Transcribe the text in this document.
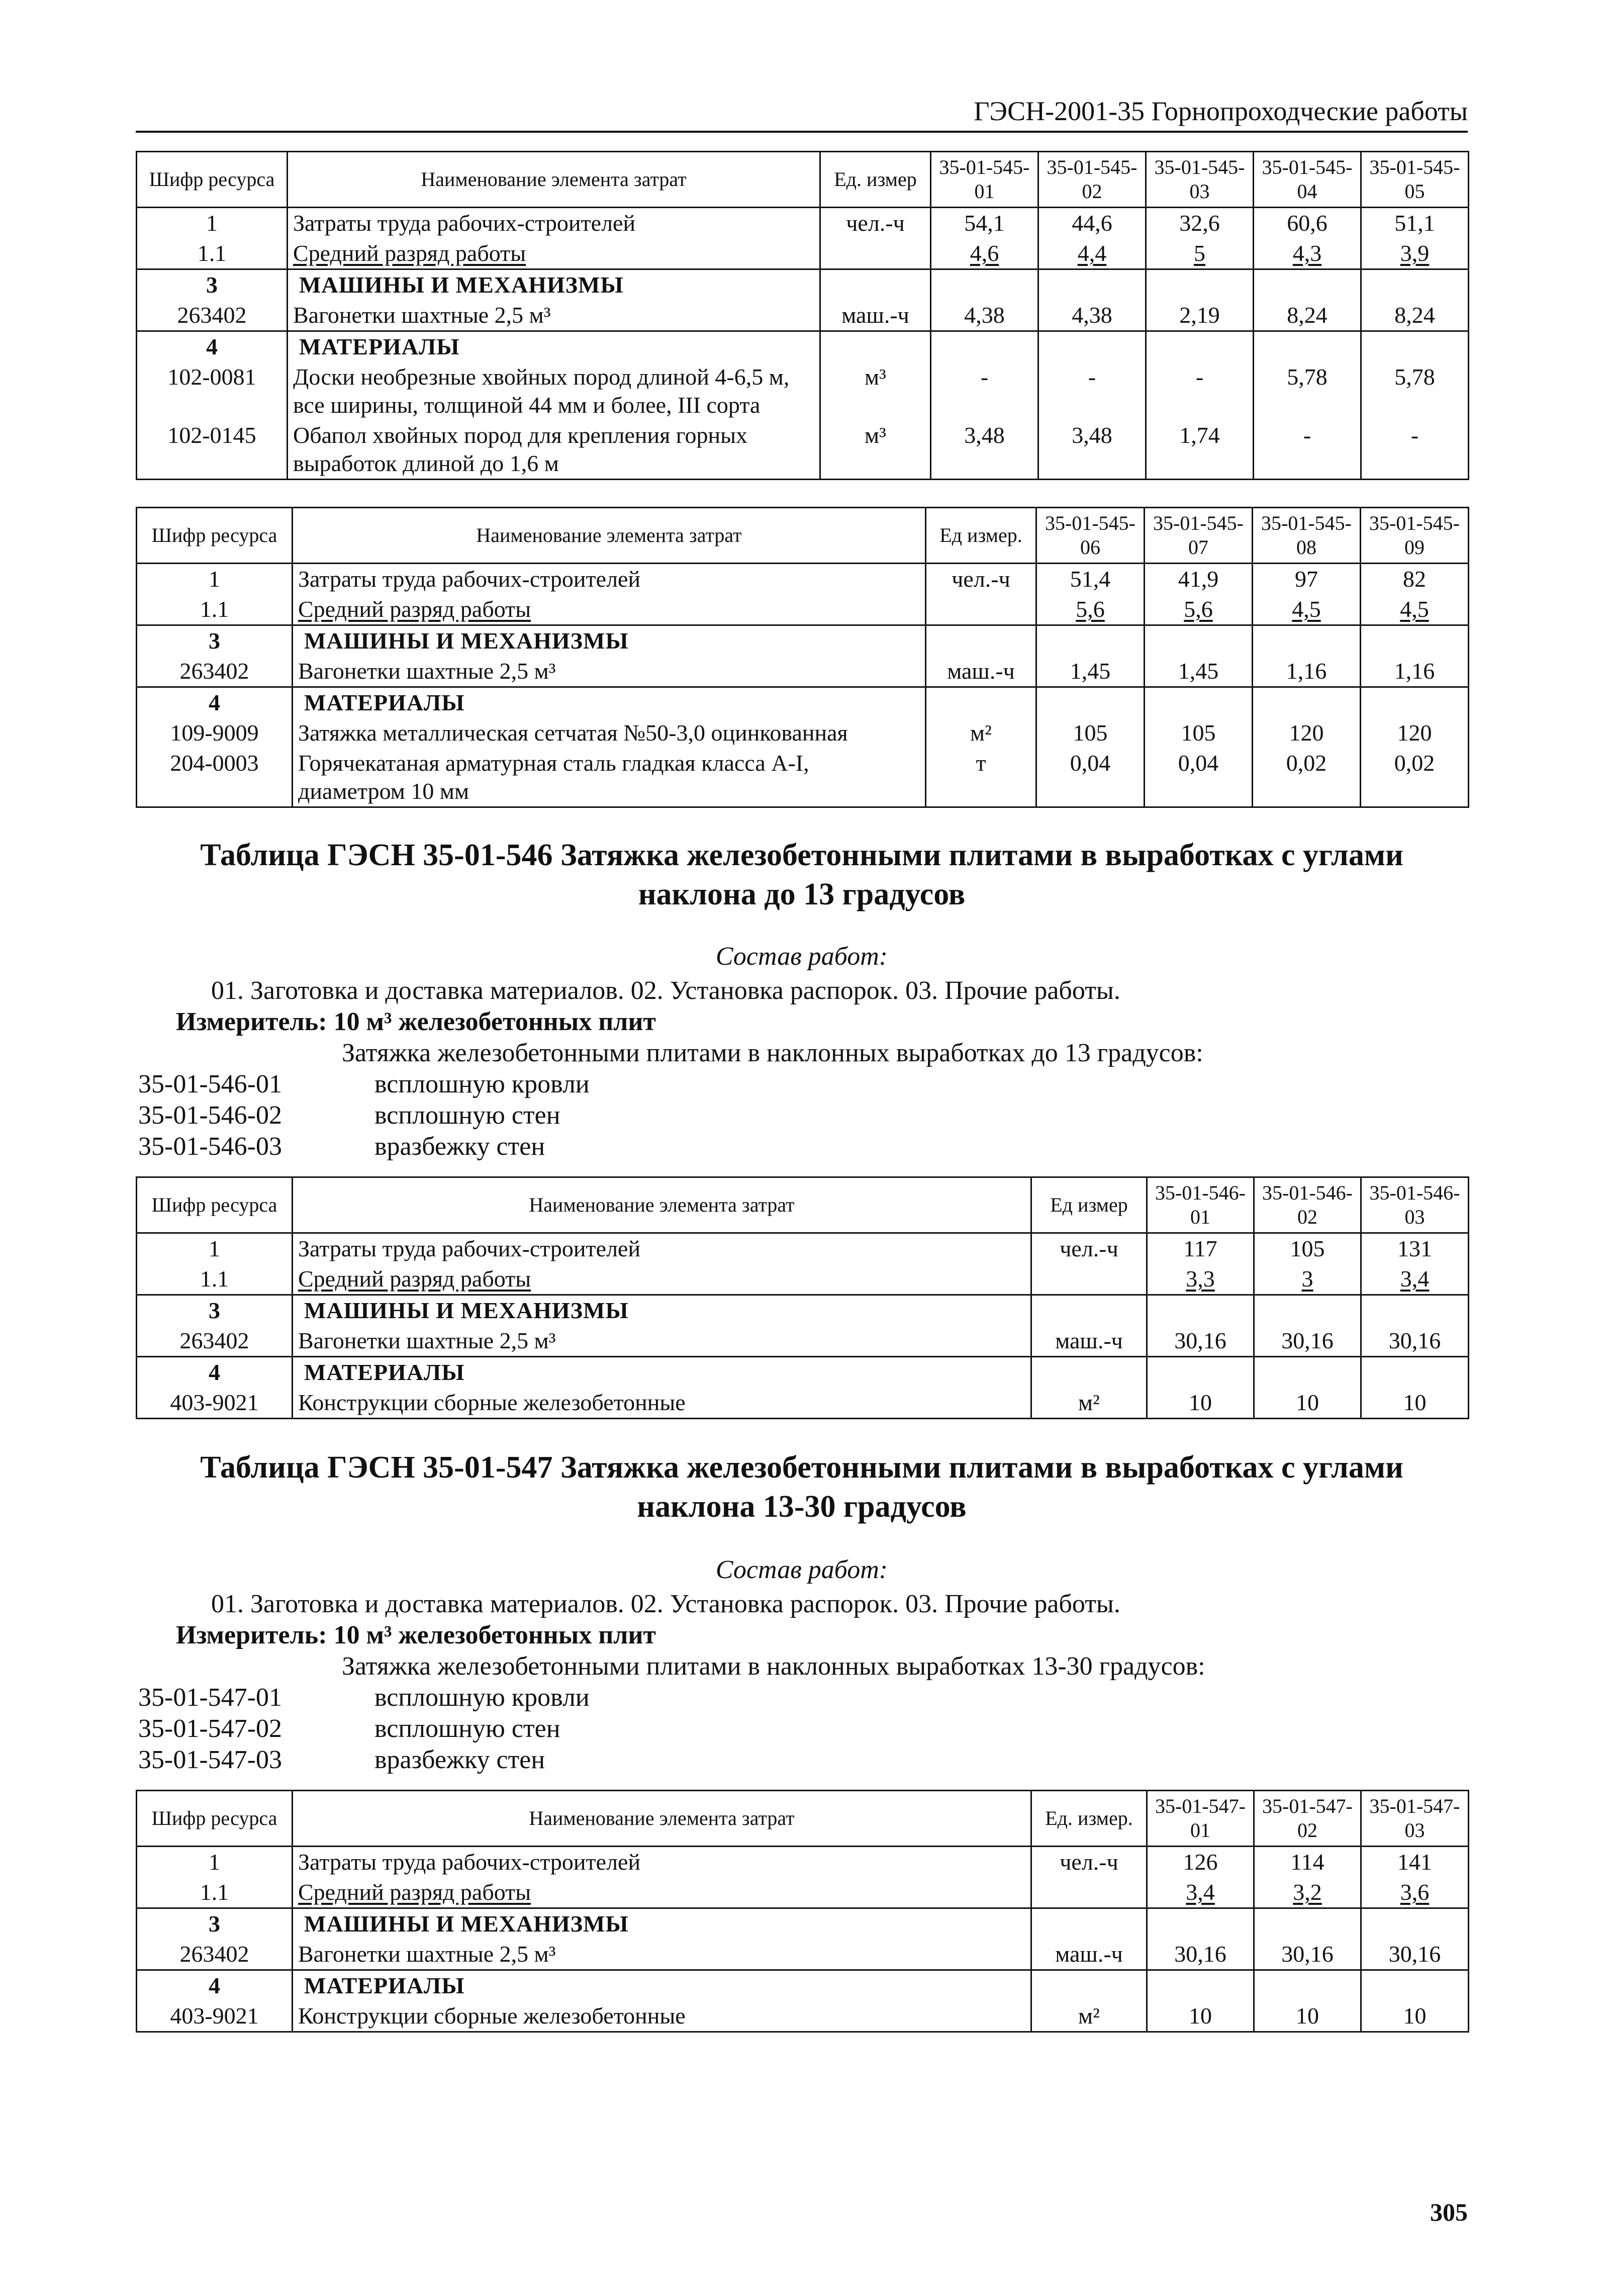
ГЭСН-2001-35 Горнопроходческие работы
Шифр ресурса	Наименование элемента затрат	Ед. измер	35-01-545-01	35-01-545-02	35-01-545-03	35-01-545-04	35-01-545-05
1	Затраты труда рабочих-строителей	чел.-ч	54,1	44,6	32,6	60,6	51,1
1.1	Средний разряд работы		4,6	4,4	5	4,3	3,9
3	МАШИНЫ И МЕХАНИЗМЫ						
263402	Вагонетки шахтные 2,5 м³	маш.-ч	4,38	4,38	2,19	8,24	8,24
4	МАТЕРИАЛЫ						
102-0081	Доски необрезные хвойных пород длиной 4-6,5 м, все ширины, толщиной 44 мм и более, III сорта	м³	-	-	-	5,78	5,78
102-0145	Обапол хвойных пород для крепления горных выработок длиной до 1,6 м	м³	3,48	3,48	1,74	-	-
Шифр ресурса	Наименование элемента затрат	Ед измер.	35-01-545-06	35-01-545-07	35-01-545-08	35-01-545-09
1	Затраты труда рабочих-строителей	чел.-ч	51,4	41,9	97	82
1.1	Средний разряд работы		5,6	5,6	4,5	4,5
3	МАШИНЫ И МЕХАНИЗМЫ					
263402	Вагонетки шахтные 2,5 м³	маш.-ч	1,45	1,45	1,16	1,16
4	МАТЕРИАЛЫ					
109-9009	Затяжка металлическая сетчатая №50-3,0 оцинкованная	м²	105	105	120	120
204-0003	Горячекатаная арматурная сталь гладкая класса А-I, диаметром 10 мм	т	0,04	0,04	0,02	0,02
Таблица ГЭСН 35-01-546 Затяжка железобетонными плитами в выработках с углами
наклона до 13 градусов
Состав работ:
01. Заготовка и доставка материалов. 02. Установка распорок. 03. Прочие работы.
Измеритель: 10 м³ железобетонных плит
Затяжка железобетонными плитами в наклонных выработках до 13 градусов:
35-01-546-01	всплошную кровли
35-01-546-02	всплошную стен
35-01-546-03	вразбежку стен
Шифр ресурса	Наименование элемента затрат	Ед измер	35-01-546-01	35-01-546-02	35-01-546-03
1	Затраты труда рабочих-строителей	чел.-ч	117	105	131
1.1	Средний разряд работы		3,3	3	3,4
3	МАШИНЫ И МЕХАНИЗМЫ				
263402	Вагонетки шахтные 2,5 м³	маш.-ч	30,16	30,16	30,16
4	МАТЕРИАЛЫ				
403-9021	Конструкции сборные железобетонные	м²	10	10	10
Таблица ГЭСН 35-01-547 Затяжка железобетонными плитами в выработках с углами
наклона 13-30 градусов
Состав работ:
01. Заготовка и доставка материалов. 02. Установка распорок. 03. Прочие работы.
Измеритель: 10 м³ железобетонных плит
Затяжка железобетонными плитами в наклонных выработках 13-30 градусов:
35-01-547-01	всплошную кровли
35-01-547-02	всплошную стен
35-01-547-03	вразбежку стен
Шифр ресурса	Наименование элемента затрат	Ед. измер.	35-01-547-01	35-01-547-02	35-01-547-03
1	Затраты труда рабочих-строителей	чел.-ч	126	114	141
1.1	Средний разряд работы		3,4	3,2	3,6
3	МАШИНЫ И МЕХАНИЗМЫ				
263402	Вагонетки шахтные 2,5 м³	маш.-ч	30,16	30,16	30,16
4	МАТЕРИАЛЫ				
403-9021	Конструкции сборные железобетонные	м²	10	10	10
305
